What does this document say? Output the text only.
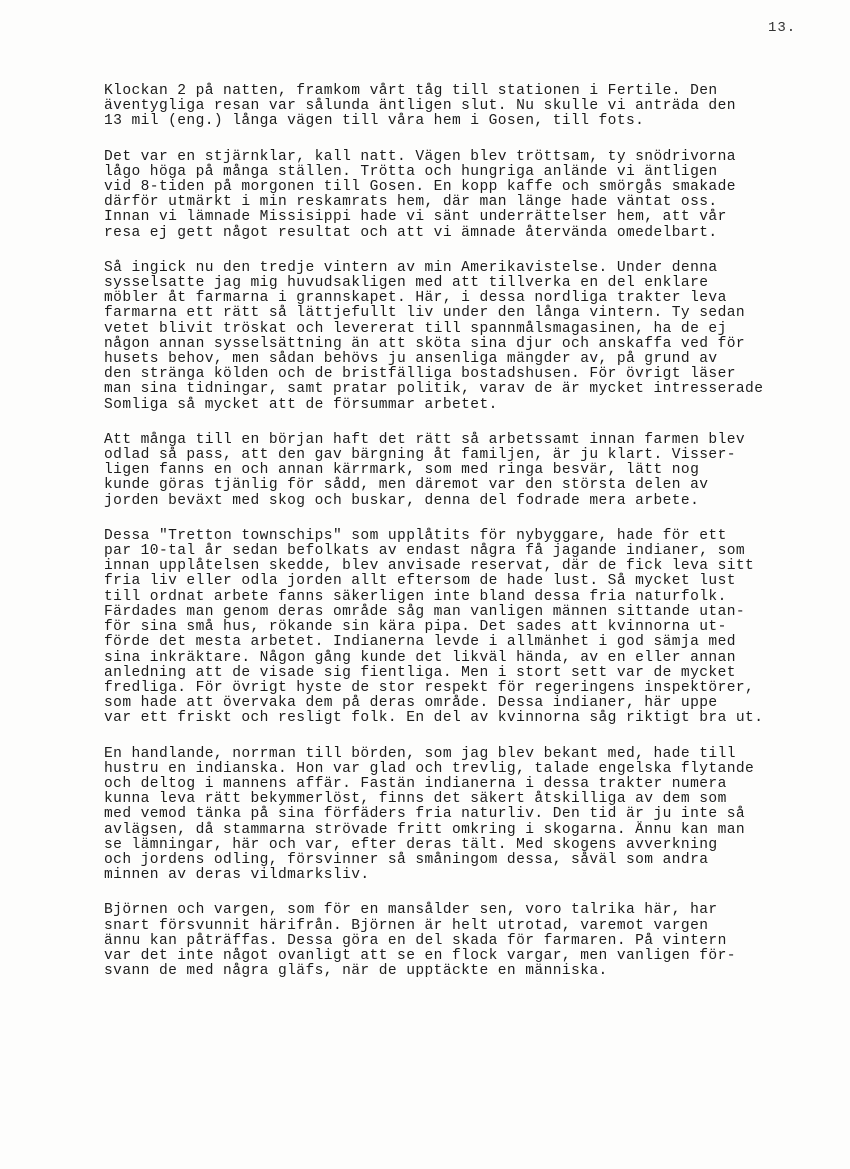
13.
Klockan 2 på natten, framkom vårt tåg till stationen i Fertile. Den
äventygliga resan var sålunda äntligen slut. Nu skulle vi anträda den
13 mil (eng.) långa vägen till våra hem i Gosen, till fots.
Det var en stjärnklar, kall natt. Vägen blev tröttsam, ty snödrivorna
lågo höga på många ställen. Trötta och hungriga anlände vi äntligen
vid 8-tiden på morgonen till Gosen. En kopp kaffe och smörgås smakade
därför utmärkt i min reskamrats hem, där man länge hade väntat oss.
Innan vi lämnade Missisippi hade vi sänt underrättelser hem, att vår
resa ej gett något resultat och att vi ämnade återvända omedelbart.
Så ingick nu den tredje vintern av min Amerikavistelse. Under denna
sysselsatte jag mig huvudsakligen med att tillverka en del enklare
möbler åt farmarna i grannskapet. Här, i dessa nordliga trakter leva
farmarna ett rätt så lättjefullt liv under den långa vintern. Ty sedan
vetet blivit tröskat och levererat till spannmålsmagasinen, ha de ej
någon annan sysselsättning än att sköta sina djur och anskaffa ved för
husets behov, men sådan behövs ju ansenliga mängder av, på grund av
den stränga kölden och de bristfälliga bostadshusen. För övrigt läser
man sina tidningar, samt pratar politik, varav de är mycket intresserade
Somliga så mycket att de försummar arbetet.
Att många till en början haft det rätt så arbetssamt innan farmen blev
odlad så pass, att den gav bärgning åt familjen, är ju klart. Visser-
ligen fanns en och annan kärrmark, som med ringa besvär, lätt nog
kunde göras tjänlig för sådd, men däremot var den största delen av
jorden beväxt med skog och buskar, denna del fodrade mera arbete.
Dessa "Tretton townschips" som upplåtits för nybyggare, hade för ett
par 10-tal år sedan befolkats av endast några få jagande indianer, som
innan upplåtelsen skedde, blev anvisade reservat, där de fick leva sitt
fria liv eller odla jorden allt eftersom de hade lust. Så mycket lust
till ordnat arbete fanns säkerligen inte bland dessa fria naturfolk.
Färdades man genom deras område såg man vanligen männen sittande utan-
för sina små hus, rökande sin kära pipa. Det sades att kvinnorna ut-
förde det mesta arbetet. Indianerna levde i allmänhet i god sämja med
sina inkräktare. Någon gång kunde det likväl hända, av en eller annan
anledning att de visade sig fientliga. Men i stort sett var de mycket
fredliga. För övrigt hyste de stor respekt för regeringens inspektörer,
som hade att övervaka dem på deras område. Dessa indianer, här uppe
var ett friskt och resligt folk. En del av kvinnorna såg riktigt bra ut.
En handlande, norrman till börden, som jag blev bekant med, hade till
hustru en indianska. Hon var glad och trevlig, talade engelska flytande
och deltog i mannens affär. Fastän indianerna i dessa trakter numera
kunna leva rätt bekymmerlöst, finns det säkert åtskilliga av dem som
med vemod tänka på sina förfäders fria naturliv. Den tid är ju inte så
avlägsen, då stammarna strövade fritt omkring i skogarna. Ännu kan man
se lämningar, här och var, efter deras tält. Med skogens avverkning
och jordens odling, försvinner så småningom dessa, såväl som andra
minnen av deras vildmarksliv.
Björnen och vargen, som för en mansålder sen, voro talrika här, har
snart försvunnit härifrån. Björnen är helt utrotad, varemot vargen
ännu kan påträffas. Dessa göra en del skada för farmaren. På vintern
var det inte något ovanligt att se en flock vargar, men vanligen för-
svann de med några gläfs, när de upptäckte en människa.
